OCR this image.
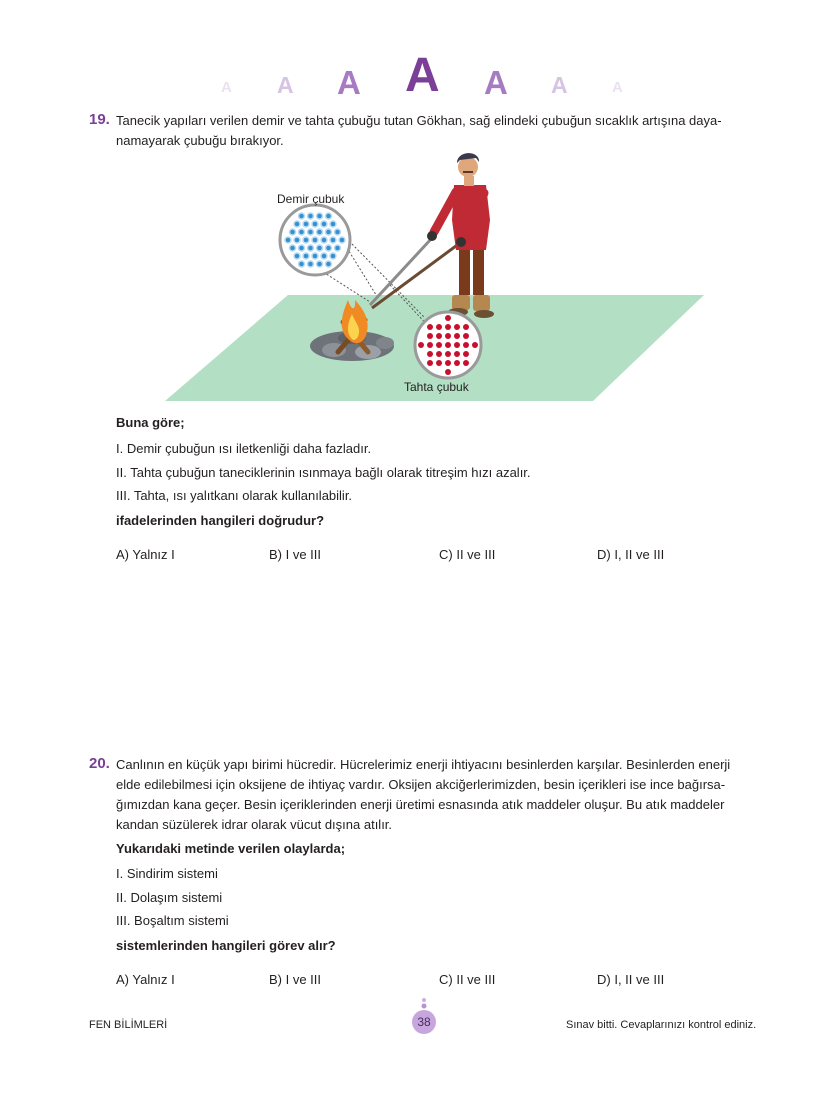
A A A A A A	A
19. Tanecik yapıları verilen demir ve tahta çubuğu tutan Gökhan, sağ elindeki çubuğun sıcaklık artışına daya-
namayarak çubuğu bırakıyor.
Demir çubuk
Tahta çubuk
Buna göre;
I. Demir çubuğun ısı iletkenliği daha fazladır.
II. Tahta çubuğun taneciklerinin ısınmaya bağlı olarak titreşim hızı azalır.
III. Tahta, ısı yalıtkanı olarak kullanılabilir.
ifadelerinden hangileri doğrudur?
A) Yalnız I	B) I ve III	C) II ve III	D) I, II ve III
20. Canlının en küçük yapı birimi hücredir. Hücrelerimiz enerji ihtiyacını besinlerden karşılar. Besinlerden enerji
elde edilebilmesi için oksijene de ihtiyaç vardır. Oksijen akciğerlerimizden, besin içerikleri ise ince bağırsa-
ğımızdan kana geçer. Besin içeriklerinden enerji üretimi esnasında atık maddeler oluşur. Bu atık maddeler
kandan süzülerek idrar olarak vücut dışına atılır.
Yukarıdaki metinde verilen olaylarda;
I. Sindirim sistemi
II. Dolaşım sistemi
III. Boşaltım sistemi
sistemlerinden hangileri görev alır?
A) Yalnız I	B) I ve III	C) II ve III	D) I, II ve III
FEN BİLİMLERİ	38	Sınav bitti. Cevaplarınızı kontrol ediniz.
